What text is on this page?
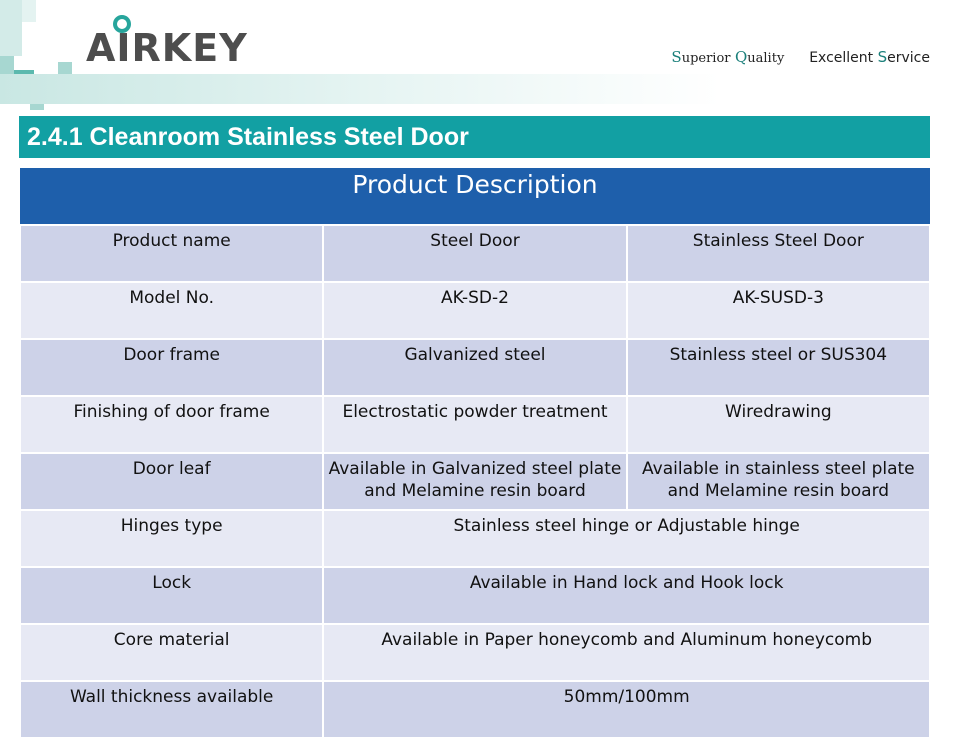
AIRKEY	Superior Quality Excellent Service
2.4.1 Cleanroom Stainless Steel Door
Product Description		
Product name	Steel Door	Stainless Steel Door
Model No.	AK-SD-2	AK-SUSD-3
Door frame	Galvanized steel	Stainless steel or SUS304
Finishing of door frame	Electrostatic powder treatment	Wiredrawing
Door leaf	Available in Galvanized steel plate and Melamine resin board	Available in stainless steel plate and Melamine resin board
Hinges type	Stainless steel hinge or Adjustable hinge	
Lock	Available in Hand lock and Hook lock	
Core material	Available in Paper honeycomb and Aluminum honeycomb	
Wall thickness available	50mm/100mm	
